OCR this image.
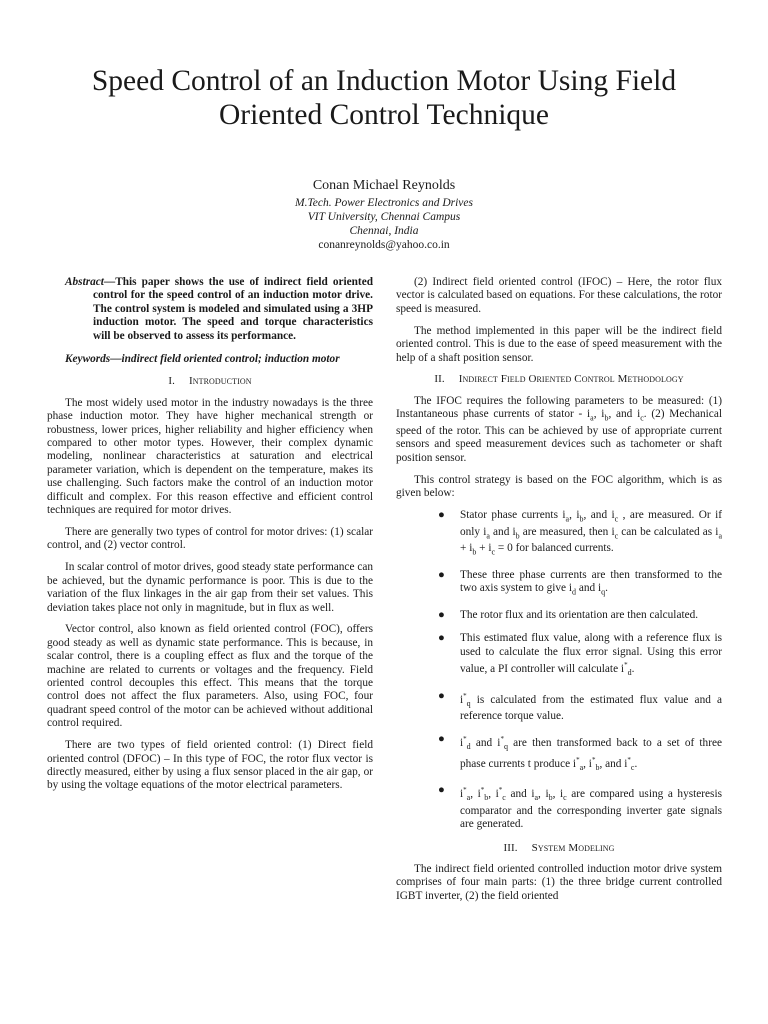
Speed Control of an Induction Motor Using Field Oriented Control Technique
Conan Michael Reynolds
M.Tech. Power Electronics and Drives
VIT University, Chennai Campus
Chennai, India
conanreynolds@yahoo.co.in

Abstract—This paper shows the use of indirect field oriented control for the speed control of an induction motor drive. The control system is modeled and simulated using a 3HP induction motor. The speed and torque characteristics will be observed to assess its performance.

Keywords—indirect field oriented control; induction motor

I. Introduction

The most widely used motor in the industry nowadays is the three phase induction motor. They have higher mechanical strength or robustness, lower prices, higher reliability and higher efficiency when compared to other motor types. However, their complex dynamic modeling, nonlinear characteristics at saturation and electrical parameter variation, which is dependent on the temperature, makes its use challenging. Such factors make the control of an induction motor difficult and complex. For this reason effective and efficient control techniques are required for motor drives.

There are generally two types of control for motor drives: (1) scalar control, and (2) vector control.

In scalar control of motor drives, good steady state performance can be achieved, but the dynamic performance is poor. This is due to the variation of the flux linkages in the air gap from their set values. This deviation takes place not only in magnitude, but in flux as well.

Vector control, also known as field oriented control (FOC), offers good steady as well as dynamic state performance. This is because, in scalar control, there is a coupling effect as flux and the torque of the machine are related to currents or voltages and the frequency. Field oriented control decouples this effect. This means that the torque control does not affect the flux parameters. Also, using FOC, four quadrant speed control of the motor can be achieved without additional control required.

There are two types of field oriented control: (1) Direct field oriented control (DFOC) – In this type of FOC, the rotor flux vector is directly measured, either by using a flux sensor placed in the air gap, or by using the voltage equations of the motor electrical parameters.

(2) Indirect field oriented control (IFOC) – Here, the rotor flux vector is calculated based on equations. For these calculations, the rotor speed is measured.

The method implemented in this paper will be the indirect field oriented control. This is due to the ease of speed measurement with the help of a shaft position sensor.

II. Indirect Field Oriented Control Methodology

The IFOC requires the following parameters to be measured: (1) Instantaneous phase currents of stator - $i_a$, $i_b$, and $i_c$. (2) Mechanical speed of the rotor. This can be achieved by use of appropriate current sensors and speed measurement devices such as tachometer or shaft position sensor.

This control strategy is based on the FOC algorithm, which is as given below:

● Stator phase currents $i_a$, $i_b$, and $i_c$ , are measured. Or if only $i_a$ and $i_b$ are measured, then $i_c$ can be calculated as $i_a + i_b + i_c = 0$ for balanced currents.
● These three phase currents are then transformed to the two axis system to give $i_d$ and $i_q$.
● The rotor flux and its orientation are then calculated.
● This estimated flux value, along with a reference flux is used to calculate the flux error signal. Using this error value, a PI controller will calculate $i^*_d$.
● $i^*_q$ is calculated from the estimated flux value and a reference torque value.
● $i^*_d$ and $i^*_q$ are then transformed back to a set of three phase currents t produce $i^*_a$, $i^*_b$, and $i^*_c$.
● $i^*_a$, $i^*_b$, $i^*_c$ and $i_a$, $i_b$, $i_c$ are compared using a hysteresis comparator and the corresponding inverter gate signals are generated.
III. System Modeling

The indirect field oriented controlled induction motor drive system comprises of four main parts: (1) the three bridge current controlled IGBT inverter, (2) the field oriented
